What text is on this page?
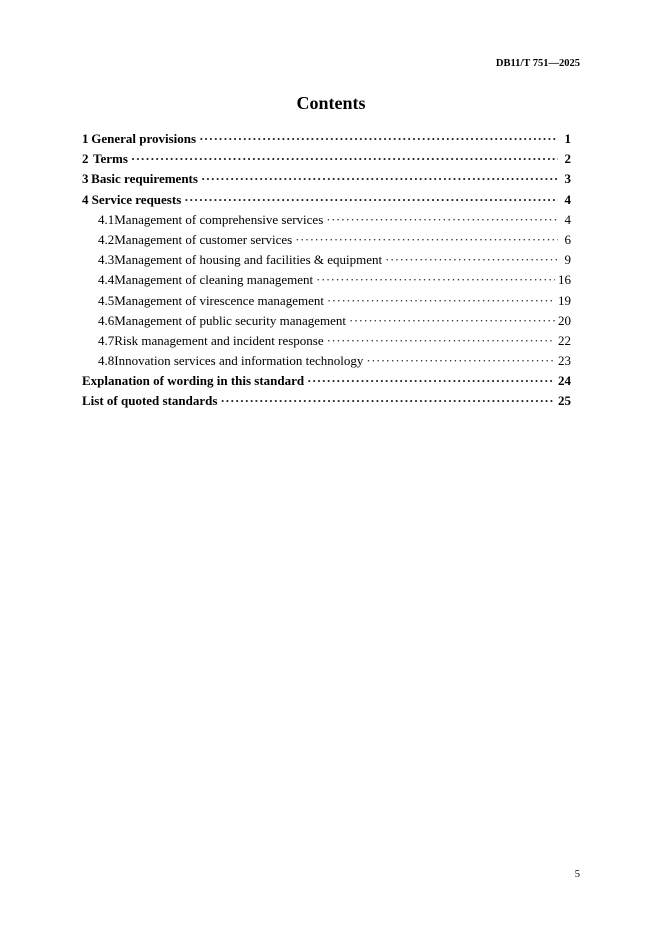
DB11/T 751—2025
Contents
1 General provisions ·····	1
2 Terms ·····	2
3 Basic requirements ·····	3
4 Service requests ·····	4
4.1 Management of comprehensive services ·····	4
4.2 Management of customer services ·····	6
4.3 Management of housing and facilities & equipment ·····	9
4.4 Management of cleaning management ·····	16
4.5 Management of virescence management ·····	19
4.6 Management of public security management ·····	20
4.7 Risk management and incident response ·····	22
4.8 Innovation services and information technology ·····	23
Explanation of wording in this standard ·····	24
List of quoted standards ·····	25
5
